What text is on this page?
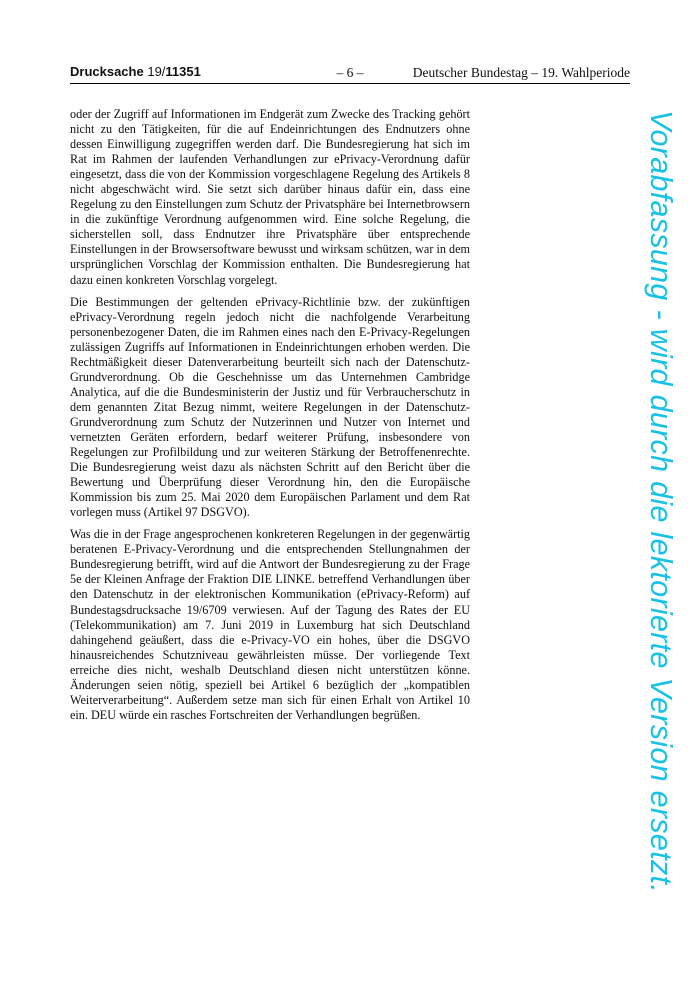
Drucksache 19/11351	– 6 –	Deutscher Bundestag – 19. Wahlperiode

oder der Zugriff auf Informationen im Endgerät zum Zwecke des Tracking gehört nicht zu den Tätigkeiten, für die auf Endeinrichtungen des Endnutzers ohne dessen Einwilligung zugegriffen werden darf. Die Bundesregierung hat sich im Rat im Rahmen der laufenden Verhandlungen zur ePrivacy-Verordnung dafür eingesetzt, dass die von der Kommission vorgeschlagene Regelung des Artikels 8 nicht abgeschwächt wird. Sie setzt sich darüber hinaus dafür ein, dass eine Regelung zu den Einstellungen zum Schutz der Privatsphäre bei Internetbrowsern in die zukünftige Verordnung aufgenommen wird. Eine solche Regelung, die sicherstellen soll, dass Endnutzer ihre Privatsphäre über entsprechende Einstellungen in der Browsersoftware bewusst und wirksam schützen, war in dem ursprünglichen Vorschlag der Kommission enthalten. Die Bundesregierung hat dazu einen konkreten Vorschlag vorgelegt.

Die Bestimmungen der geltenden ePrivacy-Richtlinie bzw. der zukünftigen ePrivacy-Verordnung regeln jedoch nicht die nachfolgende Verarbeitung personenbezogener Daten, die im Rahmen eines nach den E-Privacy-Regelungen zulässigen Zugriffs auf Informationen in Endeinrichtungen erhoben werden. Die Rechtmäßigkeit dieser Datenverarbeitung beurteilt sich nach der Datenschutz-Grundverordnung. Ob die Geschehnisse um das Unternehmen Cambridge Analytica, auf die die Bundesministerin der Justiz und für Verbraucherschutz in dem genannten Zitat Bezug nimmt, weitere Regelungen in der Datenschutz-Grundverordnung zum Schutz der Nutzerinnen und Nutzer von Internet und vernetzten Geräten erfordern, bedarf weiterer Prüfung, insbesondere von Regelungen zur Profilbildung und zur weiteren Stärkung der Betroffenenrechte. Die Bundesregierung weist dazu als nächsten Schritt auf den Bericht über die Bewertung und Überprüfung dieser Verordnung hin, den die Europäische Kommission bis zum 25. Mai 2020 dem Europäischen Parlament und dem Rat vorlegen muss (Artikel 97 DSGVO).

Was die in der Frage angesprochenen konkreteren Regelungen in der gegenwärtig beratenen E-Privacy-Verordnung und die entsprechenden Stellungnahmen der Bundesregierung betrifft, wird auf die Antwort der Bundesregierung zu der Frage 5e der Kleinen Anfrage der Fraktion DIE LINKE. betreffend Verhandlungen über den Datenschutz in der elektronischen Kommunikation (ePrivacy-Reform) auf Bundestagsdrucksache 19/6709 verwiesen. Auf der Tagung des Rates der EU (Telekommunikation) am 7. Juni 2019 in Luxemburg hat sich Deutschland dahingehend geäußert, dass die e-Privacy-VO ein hohes, über die DSGVO hinausreichendes Schutzniveau gewährleisten müsse. Der vorliegende Text erreiche dies nicht, weshalb Deutschland diesen nicht unterstützen könne. Änderungen seien nötig, speziell bei Artikel 6 bezüglich der „kompatiblen Weiterverarbeitung“. Außerdem setze man sich für einen Erhalt von Artikel 10 ein. DEU würde ein rasches Fortschreiten der Verhandlungen begrüßen.	Vorabfassung - wird durch die lektorierte Version ersetzt.
